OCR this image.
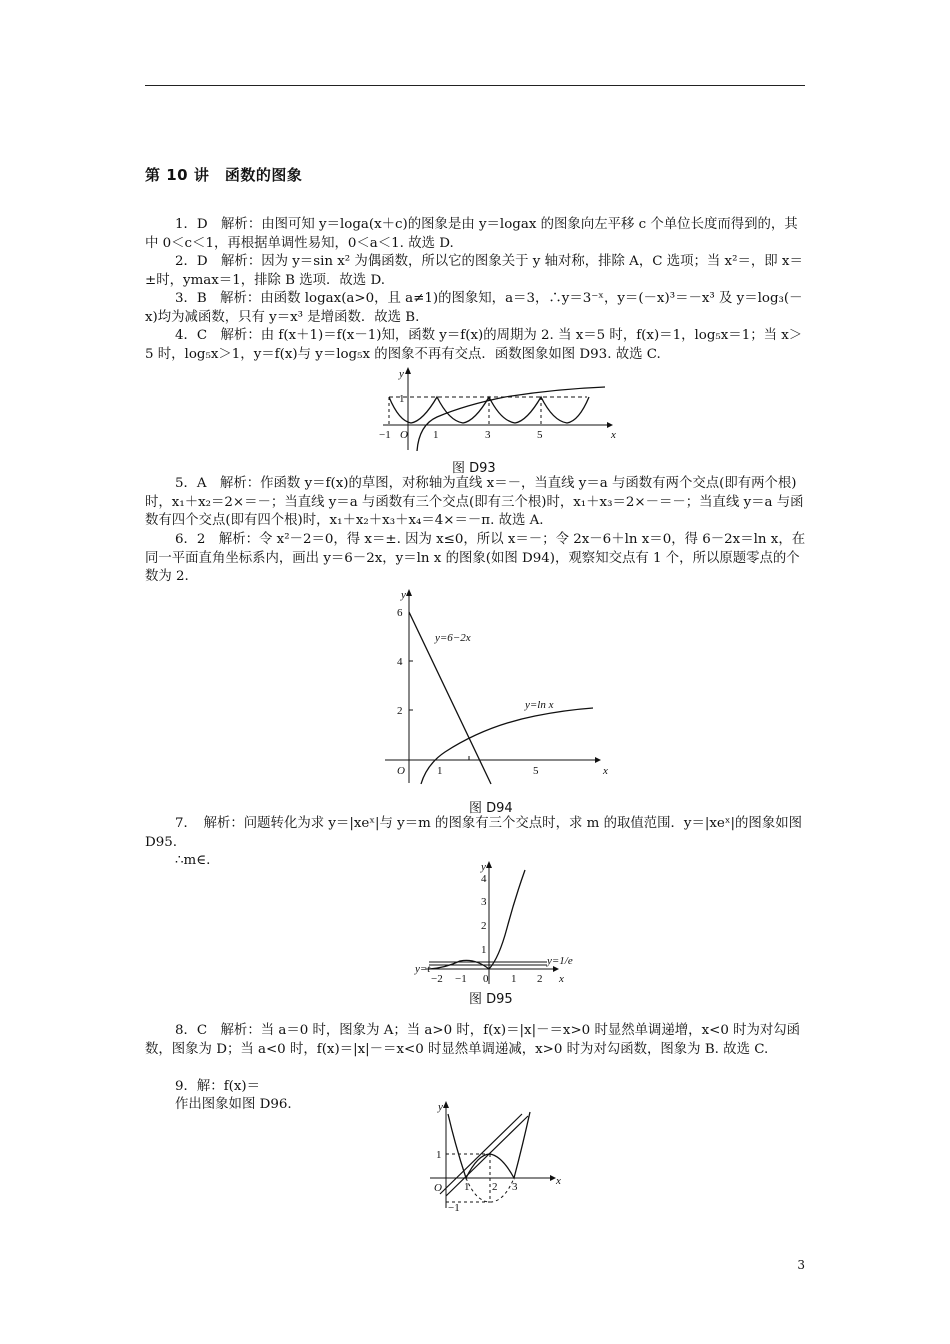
第 10 讲　函数的图象

1．D　解析：由图可知 y＝loga(x＋c)的图象是由 y＝logax 的图象向左平移 c 个单位长度而得到的，其中 0＜c＜1，再根据单调性易知，0＜a＜1. 故选 D.

2．D　解析：因为 y＝sin x² 为偶函数，所以它的图象关于 y 轴对称，排除 A，C 选项；当 x²＝，即 x＝±时，ymax＝1，排除 B 选项．故选 D.

3．B　解析：由函数 logax(a>0，且 a≠1)的图象知，a＝3，∴y＝3⁻ˣ，y＝(－x)³＝－x³ 及 y＝log₃(－x)均为减函数，只有 y＝x³ 是增函数．故选 B.

4．C　解析：由 f(x＋1)＝f(x－1)知，函数 y＝f(x)的周期为 2. 当 x＝5 时，f(x)＝1，log₅x＝1；当 x＞5 时，log₅x＞1，y＝f(x)与 y＝log₅x 的图象不再有交点．函数图象如图 D93. 故选 C.

−1 O
1
1	3	5	x
y
图 D93

5．A　解析：作函数 y＝f(x)的草图，对称轴为直线 x＝－，当直线 y＝a 与函数有两个交点(即有两个根)时，x₁＋x₂＝2×＝－；当直线 y＝a 与函数有三个交点(即有三个根)时，x₁＋x₃＝2×－＝－；当直线 y＝a 与函数有四个交点(即有四个根)时，x₁＋x₂＋x₃＋x₄＝4×＝－π. 故选 A.

6．2　解析：令 x²－2＝0，得 x＝±. 因为 x≤0，所以 x＝－；令 2x－6＋ln x＝0，得 6－2x＝ln x，在同一平面直角坐标系内，画出 y＝6－2x，y＝ln x 的图象(如图 D94)，观察知交点有 1 个，所以原题零点的个数为 2.

6
4
2
O	1	5	x
y
y=6−2x
y=ln x
图 D94

7．　解析：问题转化为求 y＝|xeˣ|与 y＝m 的图象有三个交点时，求 m 的取值范围．y＝|xeˣ|的图象如图 D95.

∴m∈.

4
3
2
1
−2 −1 0 1 2 x
y
y=t
y=1/e
图 D95

8．C　解析：当 a＝0 时，图象为 A；当 a>0 时，f(x)＝|x|－＝x>0 时显然单调递增，x<0 时为对勾函数，图象为 D；当 a<0 时，f(x)＝|x|－＝x<0 时显然单调递减，x>0 时为对勾函数，图象为 B. 故选 C.

9．解：f(x)＝

作出图象如图 D96.

O
1
−1
1 2 3	x
y
3
